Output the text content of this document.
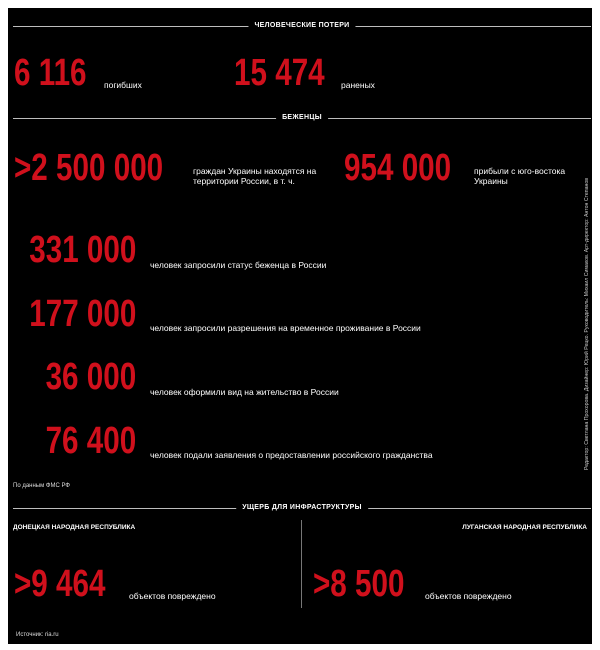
ЧЕЛОВЕЧЕСКИЕ ПОТЕРИ
6 116 погибших 15 474 раненых
БЕЖЕНЦЫ
>2 500 000	граждан Украины находятся на территории России, в т. ч.	954 000	прибыли с юго-востока Украины
331 000 человек запросили статус беженца в России
177 000 человек запросили разрешения на временное проживание в России
36 000 человек оформили вид на жительство в России
76 400 человек подали заявления о предоставлении российского гражданства
По данным ФМС РФ
УЩЕРБ ДЛЯ ИНФРАСТРУКТУРЫ
ДОНЕЦКАЯ НАРОДНАЯ РЕСПУБЛИКА	ЛУГАНСКАЯ НАРОДНАЯ РЕСПУБЛИКА
>9 464	объектов повреждено	>8 500 объектов повреждено
Источник: ria.ru
Редактор: Светлана Прохорова. Дизайнер: Юрий Рецко. Руководитель: Михаил Симаков. Арт-директор: Антон Степанов
